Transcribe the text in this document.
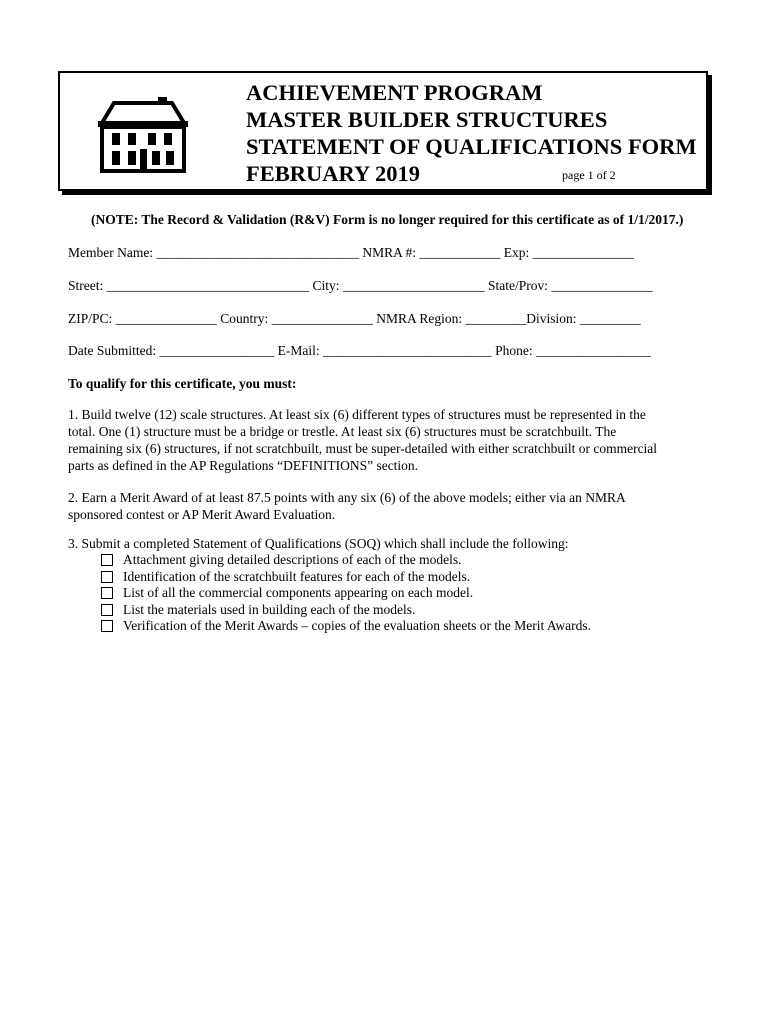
ACHIEVEMENT PROGRAM
MASTER BUILDER STRUCTURES
STATEMENT OF QUALIFICATIONS FORM
FEBRUARY 2019	page 1 of 2
(NOTE: The Record & Validation (R&V) Form is no longer required for this certificate as of 1/1/2017.)
Member Name: ______________________________ NMRA #: ____________ Exp: _______________
Street: ______________________________ City: _____________________ State/Prov: _______________
ZIP/PC: _______________ Country: _______________ NMRA Region: _________Division: _________
Date Submitted: _________________ E-Mail: _________________________ Phone: _________________
To qualify for this certificate, you must:
1. Build twelve (12) scale structures. At least six (6) different types of structures must be represented in the
total. One (1) structure must be a bridge or trestle. At least six (6) structures must be scratchbuilt. The
remaining six (6) structures, if not scratchbuilt, must be super-detailed with either scratchbuilt or commercial
parts as defined in the AP Regulations “DEFINITIONS” section.
2. Earn a Merit Award of at least 87.5 points with any six (6) of the above models; either via an NMRA
sponsored contest or AP Merit Award Evaluation.
3. Submit a completed Statement of Qualifications (SOQ) which shall include the following:
Attachment giving detailed descriptions of each of the models.
Identification of the scratchbuilt features for each of the models.
List of all the commercial components appearing on each model.
List the materials used in building each of the models.
Verification of the Merit Awards – copies of the evaluation sheets or the Merit Awards.
